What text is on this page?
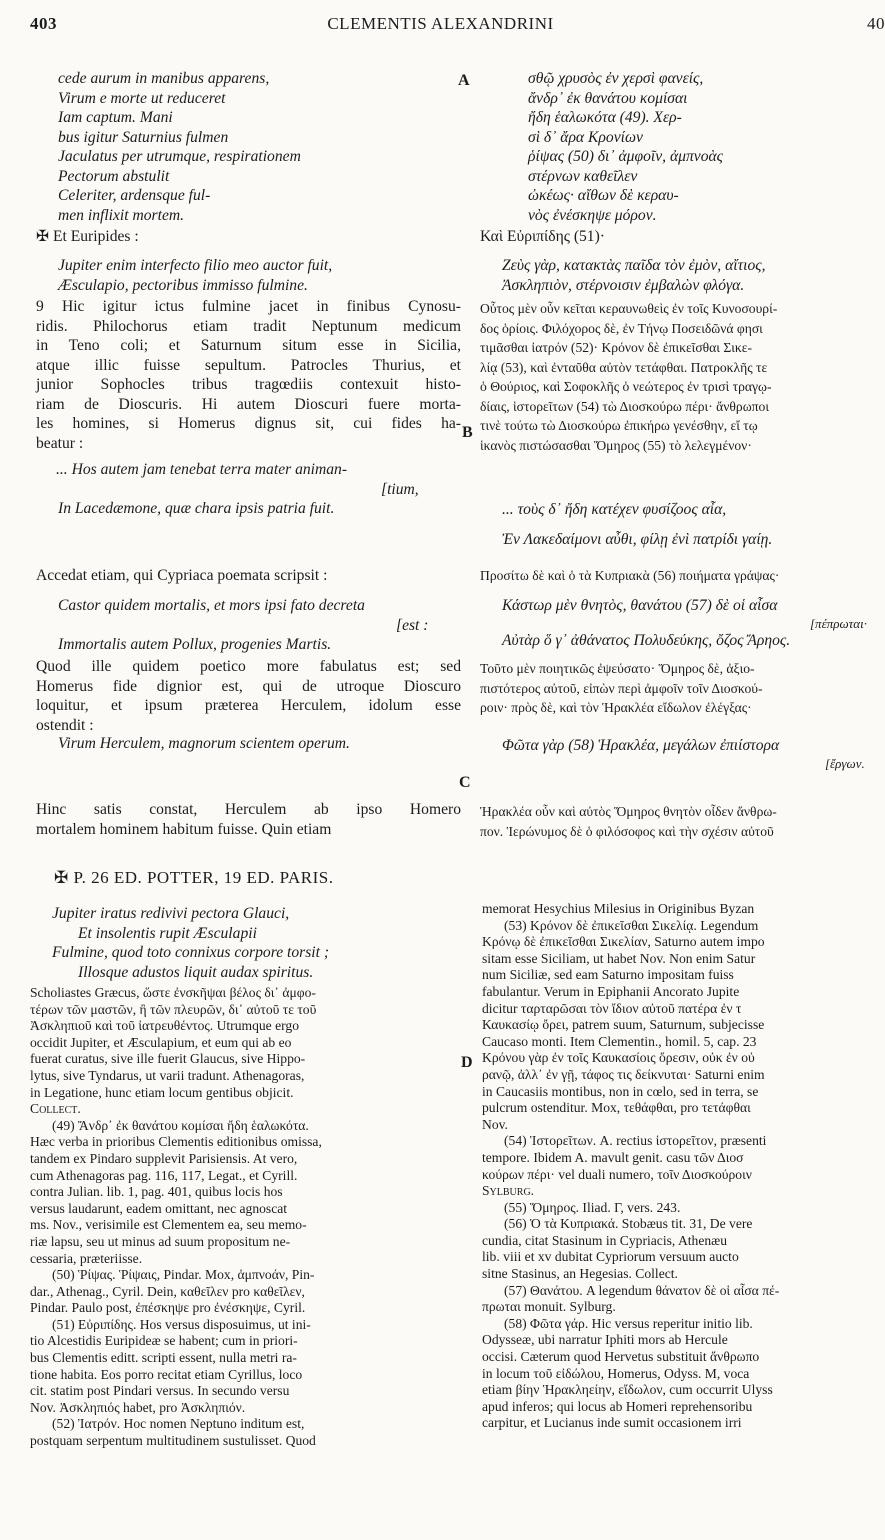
403	CLEMENTIS ALEXANDRINI	40
A
B
C
D
cede aurum in manibus apparens,
Virum e morte ut reduceret
Iam captum. Mani
bus igitur Saturnius fulmen
Jaculatus per utrumque, respirationem
Pectorum abstulit
Celeriter, ardensque ful-
men inflixit mortem.
✠ Et Euripides :
Jupiter enim interfecto filio meo auctor fuit,
Æsculapio, pectoribus immisso fulmine.
9 Hic igitur ictus fulmine jacet in finibus Cynosu-
ridis. Philochorus etiam tradit Neptunum medicum
in Teno coli; et Saturnum situm esse in Sicilia,
atque illic fuisse sepultum. Patrocles Thurius, et
junior Sophocles tribus tragœdiis contexuit histo-
riam de Dioscuris. Hi autem Dioscuri fuere morta-
les homines, si Homerus dignus sit, cui fides ha-
beatur :
... Hos autem jam tenebat terra mater animan-
[tium,
In Lacedæmone, quæ chara ipsis patria fuit.
Accedat etiam, qui Cypriaca poemata scripsit :
Castor quidem mortalis, et mors ipsi fato decreta
[est :
Immortalis autem Pollux, progenies Martis.
Quod ille quidem poetico more fabulatus est; sed
Homerus fide dignior est, qui de utroque Dioscuro
loquitur, et ipsum præterea Herculem, idolum esse
ostendit :
Virum Herculem, magnorum scientem operum.
Hinc satis constat, Herculem ab ipso Homero
mortalem hominem habitum fuisse. Quin etiam
σθῷ χρυσὸς ἐν χερσὶ φανείς,
ἄνδρ᾽ ἐκ θανάτου κομίσαι
ἤδη ἑαλωκότα (49). Χερ-
σὶ δ᾽ ἄρα Κρονίων
ῥίψας (50) δι᾽ ἀμφοῖν, ἀμπνοὰς
στέρνων καθεῖλεν
ὠκέως· αἴθων δὲ κεραυ-
νὸς ἐνέσκηψε μόρον.
Καὶ Εὐριπίδης (51)·
Ζεὺς γὰρ, κατακτὰς παῖδα τὸν ἐμὸν, αἴτιος,
Ἀσκληπιὸν, στέρνοισιν ἐμβαλὼν φλόγα.
Οὗτος μὲν οὖν κεῖται κεραυνωθεὶς ἐν τοῖς Κυνοσουρί-
δος ὁρίοις. Φιλόχορος δὲ, ἐν Τήνῳ Ποσειδῶνά φησι
τιμᾶσθαι ἰατρόν (52)· Κρόνον δὲ ἐπικεῖσθαι Σικε-
λίᾳ (53), καὶ ἐνταῦθα αὐτὸν τετάφθαι. Πατροκλῆς τε
ὁ Θούριος, καὶ Σοφοκλῆς ὁ νεώτερος ἐν τρισὶ τραγῳ-
δίαις, ἱστορεῖτων (54) τὼ Διοσκούρω πέρι· ἄνθρωποι
τινὲ τούτω τὼ Διοσκούρω ἐπικήρω γενέσθην, εἴ τῳ
ἱκανὸς πιστώσασθαι Ὅμηρος (55) τὸ λελεγμένον·
... τοὺς δ᾽ ἤδη κατέχεν φυσίζοος αἶα,
Ἐν Λακεδαίμονι αὖθι, φίλῃ ἐνὶ πατρίδι γαίῃ.
Προσίτω δὲ καὶ ὁ τὰ Κυπριακὰ (56) ποιήματα γράψας·
Κάστωρ μὲν θνητὸς, θανάτου (57) δὲ οἱ αἶσα
[πέπρωται·
Αὐτὰρ ὅ γ᾽ ἀθάνατος Πολυδεύκης, ὄζος Ἄρηος.
Τοῦτο μὲν ποιητικῶς ἐψεύσατο· Ὅμηρος δὲ, ἀξιο-
πιστότερος αὐτοῦ, εἰπὼν περὶ ἀμφοῖν τοῖν Διοσκού-
ροιν· πρὸς δὲ, καὶ τὸν Ἡρακλέα εἴδωλον ἐλέγξας·
Φῶτα γὰρ (58) Ἡρακλέα, μεγάλων ἐπιίστορα
[ἔργων.
Ἡρακλέα οὖν καὶ αὐτὸς Ὅμηρος θνητὸν οἶδεν ἄνθρω-
πον. Ἱερώνυμος δὲ ὁ φιλόσοφος καὶ τὴν σχέσιν αὐτοῦ
✠ P. 26 ED. POTTER, 19 ED. PARIS.
Jupiter iratus redivivi pectora Glauci,
Et insolentis rupit Æsculapii
Fulmine, quod toto connixus corpore torsit ;
Illosque adustos liquit audax spiritus.
Scholiastes Græcus, ὥστε ἐνσκῆψαι βέλος δι᾽ ἀμφο-
τέρων τῶν μαστῶν, ἢ τῶν πλευρῶν, δι᾽ αὐτοῦ τε τοῦ
Ἀσκληπιοῦ καὶ τοῦ ἰατρευθέντος. Utrumque ergo
occidit Jupiter, et Æsculapium, et eum qui ab eo
fuerat curatus, sive ille fuerit Glaucus, sive Hippo-
lytus, sive Tyndarus, ut varii tradunt. Athenagoras,
in Legatione, hunc etiam locum gentibus objicit.
Collect.
(49) Ἄνδρ᾽ ἐκ θανάτου κομίσαι ἤδη ἑαλωκότα.
Hæc verba in prioribus Clementis editionibus omissa,
tandem ex Pindaro supplevit Parisiensis. At vero,
cum Athenagoras pag. 116, 117, Legat., et Cyrill.
contra Julian. lib. 1, pag. 401, quibus locis hos
versus laudarunt, eadem omittant, nec agnoscat
ms. Nov., verisimile est Clementem ea, seu memo-
riæ lapsu, seu ut minus ad suum propositum ne-
cessaria, præteriisse.
(50) Ῥίψας. Ῥίψαις, Pindar. Mox, ἀμπνοάν, Pin-
dar., Athenag., Cyril. Dein, καθεῖλεν pro καθεῖλεν,
Pindar. Paulo post, ἐπέσκηψε pro ἐνέσκηψε, Cyril.
(51) Εὐριπίδης. Hos versus disposuimus, ut ini-
tio Alcestidis Euripideæ se habent; cum in priori-
bus Clementis editt. scripti essent, nulla metri ra-
tione habita. Eos porro recitat etiam Cyrillus, loco
cit. statim post Pindari versus. In secundo versu
Nov. Ἀσκληπιός habet, pro Ἀσκληπιόν.
(52) Ἰατρόν. Hoc nomen Neptuno inditum est,
postquam serpentum multitudinem sustulisset. Quod
memorat Hesychius Milesius in Originibus Byzan
(53) Κρόνον δὲ ἐπικεῖσθαι Σικελίᾳ. Legendum
Κρόνῳ δὲ ἐπικεῖσθαι Σικελίαν, Saturno autem impo
sitam esse Siciliam, ut habet Nov. Non enim Satur
num Siciliæ, sed eam Saturno impositam fuiss
fabulantur. Verum in Epiphanii Ancorato Jupite
dicitur ταρταρῶσαι τὸν ἴδιον αὐτοῦ πατέρα ἐν τ
Καυκασίῳ ὄρει, patrem suum, Saturnum, subjecisse
Caucaso monti. Item Clementin., homil. 5, cap. 23
Κρόνου γὰρ ἐν τοῖς Καυκασίοις ὄρεσιν, οὐκ ἐν οὐ
ρανῷ, ἀλλ᾽ ἐν γῇ, τάφος τις δείκνυται· Saturni enim
in Caucasiis montibus, non in cœlo, sed in terra, se
pulcrum ostenditur. Mox, τεθάφθαι, pro τετάφθαι
Nov.
(54) Ἱστορεῖτων. A. rectius ἱστορεῖτον, præsenti
tempore. Ibidem A. mavult genit. casu τῶν Διοσ
κούρων πέρι· vel duali numero, τοῖν Διοσκούροιν
Sylburg.
(55) Ὅμηρος. Iliad. Γ, vers. 243.
(56) Ὁ τὰ Κυπριακά. Stobæus tit. 31, De vere
cundia, citat Stasinum in Cypriacis, Athenæu
lib. viii et xv dubitat Cypriorum versuum aucto
sitne Stasinus, an Hegesias. Collect.
(57) Θανάτου. A legendum θάνατον δὲ οἱ αἶσα πέ-
πρωται monuit. Sylburg.
(58) Φῶτα γάρ. Hic versus reperitur initio lib.
Odysseæ, ubi narratur Iphiti mors ab Hercule
occisi. Cæterum quod Hervetus substituit ἄνθρωπο
in locum τοῦ εἰδώλου, Homerus, Odyss. M, voca
etiam βίην Ἡρακληείην, εἴδωλον, cum occurrit Ulyss
apud inferos; qui locus ab Homeri reprehensoribu
carpitur, et Lucianus inde sumit occasionem irri
